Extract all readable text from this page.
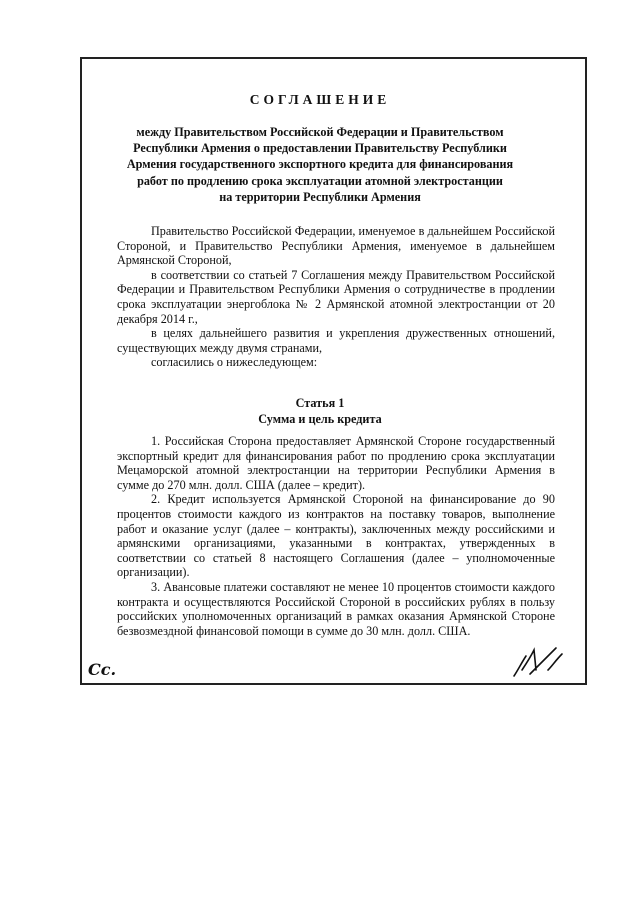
СОГЛАШЕНИЕ
между Правительством Российской Федерации и Правительством
Республики Армения о предоставлении Правительству Республики
Армения государственного экспортного кредита для финансирования
работ по продлению срока эксплуатации атомной электростанции
на территории Республики Армения

Правительство Российской Федерации, именуемое в дальнейшем Российской Стороной, и Правительство Республики Армения, именуемое в дальнейшем Армянской Стороной,

в соответствии со статьей 7 Соглашения между Правительством Российской Федерации и Правительством Республики Армения о сотрудничестве в продлении срока эксплуатации энергоблока № 2 Армянской атомной электростанции от 20 декабря 2014 г.,

в целях дальнейшего развития и укрепления дружественных отношений, существующих между двумя странами,

согласились о нижеследующем:

Статья 1
Сумма и цель кредита

1. Российская Сторона предоставляет Армянской Стороне государственный экспортный кредит для финансирования работ по продлению срока эксплуатации Мецаморской атомной электростанции на территории Республики Армения в сумме до 270 млн. долл. США (далее – кредит).

2. Кредит используется Армянской Стороной на финансирование до 90 процентов стоимости каждого из контрактов на поставку товаров, выполнение работ и оказание услуг (далее – контракты), заключенных между российскими и армянскими организациями, указанными в контрактах, утвержденных в соответствии со статьей 8 настоящего Соглашения (далее – уполномоченные организации).

3. Авансовые платежи составляют не менее 10 процентов стоимости каждого контракта и осуществляются Российской Стороной в российских рублях в пользу российских уполномоченных организаций в рамках оказания Армянской Стороне безвозмездной финансовой помощи в сумме до 30 млн. долл. США.

Cc.
